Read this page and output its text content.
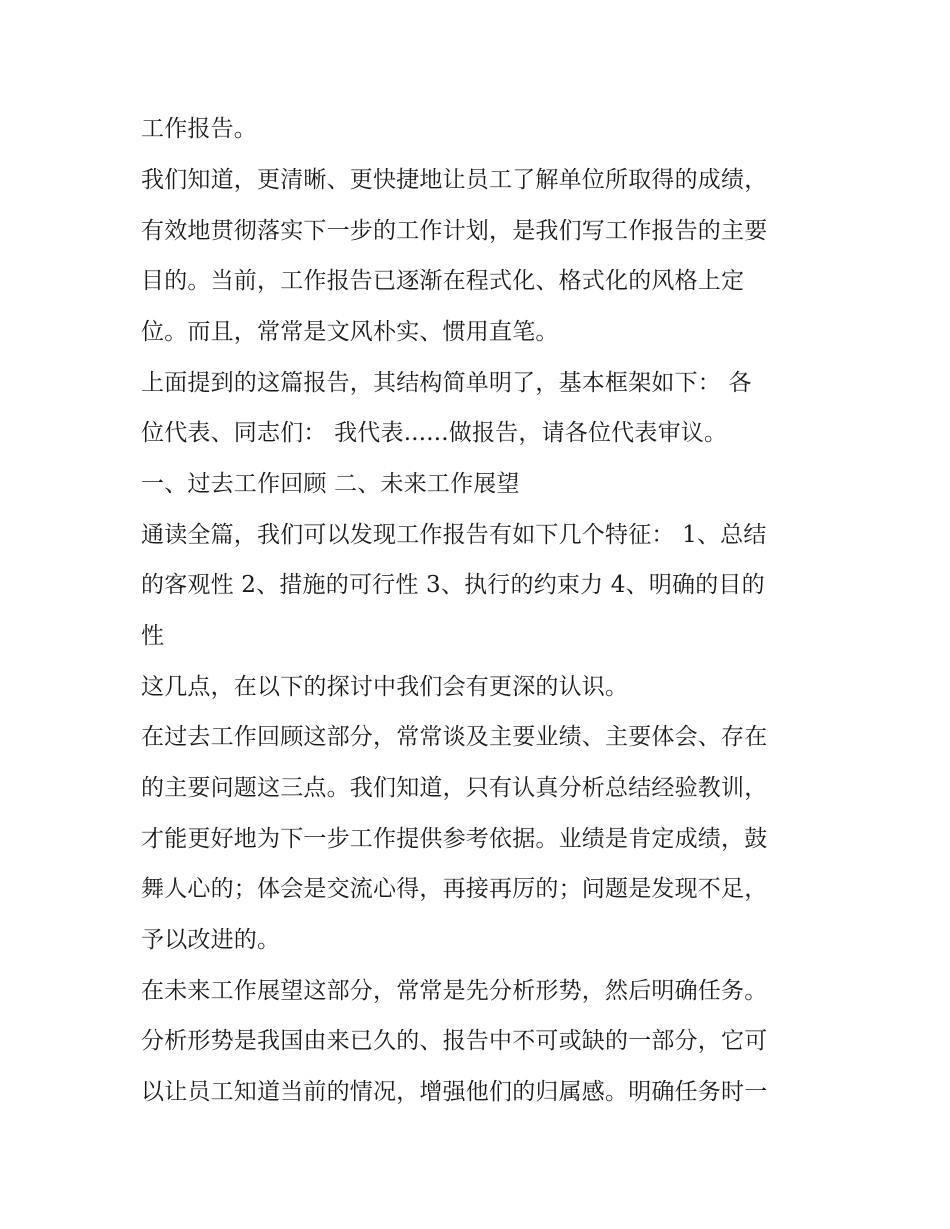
工作报告。
我们知道，更清晰、更快捷地让员工了解单位所取得的成绩，
有效地贯彻落实下一步的工作计划，是我们写工作报告的主要
目的。当前，工作报告已逐渐在程式化、格式化的风格上定
位。而且，常常是文风朴实、惯用直笔。
上面提到的这篇报告，其结构简单明了，基本框架如下： 各
位代表、同志们： 我代表......做报告，请各位代表审议。
一、过去工作回顾 二、未来工作展望
通读全篇，我们可以发现工作报告有如下几个特征： 1、总结
的客观性 2、措施的可行性 3、执行的约束力 4、明确的目的
性
这几点，在以下的探讨中我们会有更深的认识。
在过去工作回顾这部分，常常谈及主要业绩、主要体会、存在
的主要问题这三点。我们知道，只有认真分析总结经验教训，
才能更好地为下一步工作提供参考依据。业绩是肯定成绩，鼓
舞人心的；体会是交流心得，再接再厉的；问题是发现不足，
予以改进的。
在未来工作展望这部分，常常是先分析形势，然后明确任务。
分析形势是我国由来已久的、报告中不可或缺的一部分，它可
以让员工知道当前的情况，增强他们的归属感。明确任务时一
